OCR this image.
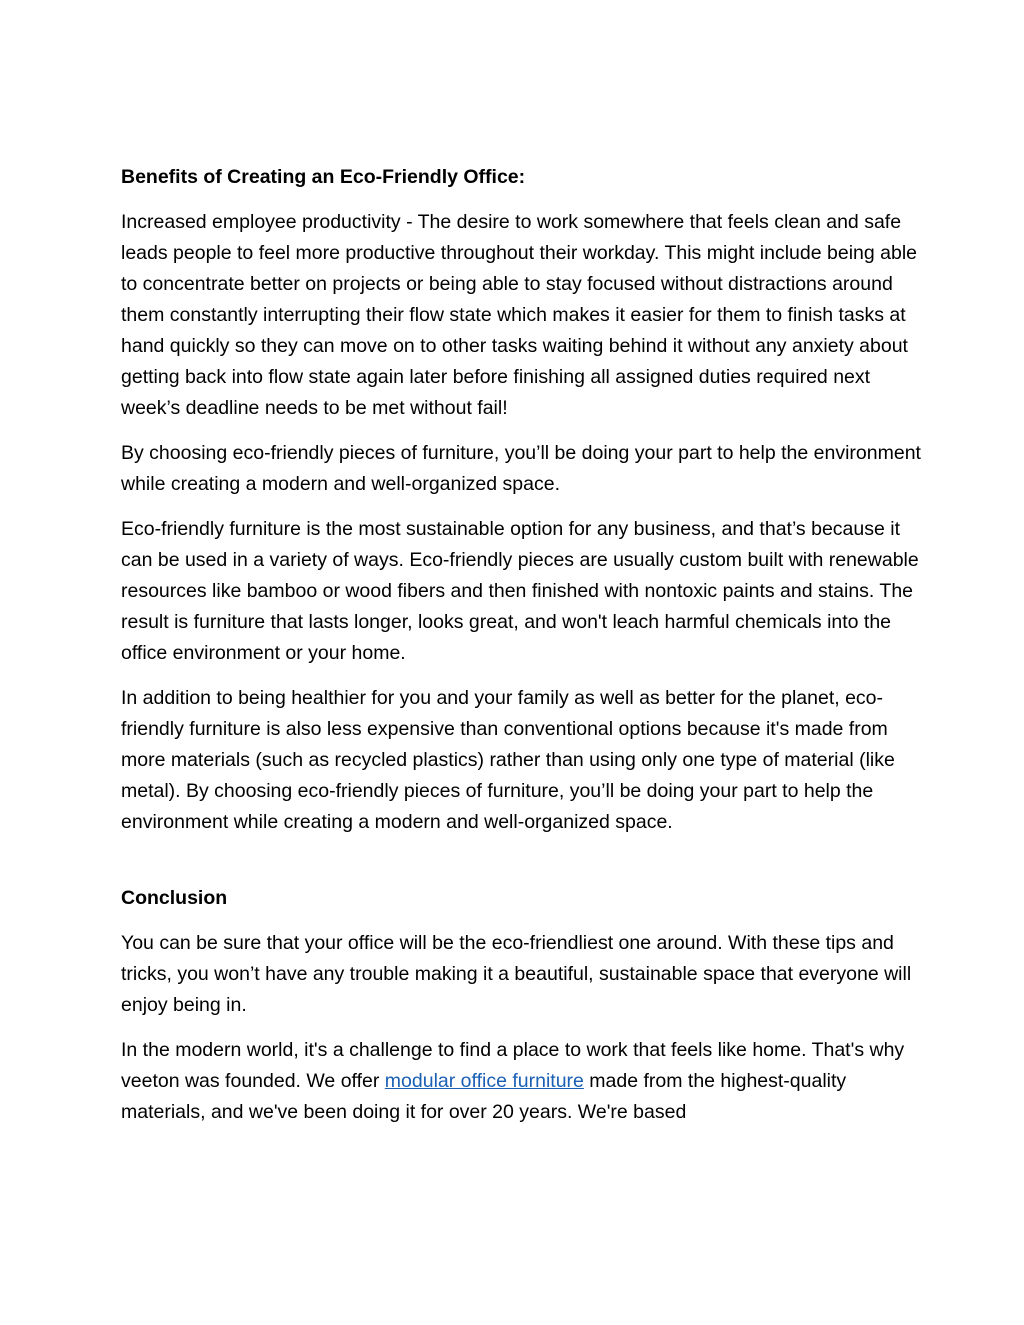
Benefits of Creating an Eco-Friendly Office:
Increased employee productivity - The desire to work somewhere that feels clean and safe leads people to feel more productive throughout their workday. This might include being able to concentrate better on projects or being able to stay focused without distractions around them constantly interrupting their flow state which makes it easier for them to finish tasks at hand quickly so they can move on to other tasks waiting behind it without any anxiety about getting back into flow state again later before finishing all assigned duties required next week’s deadline needs to be met without fail!
By choosing eco-friendly pieces of furniture, you’ll be doing your part to help the environment while creating a modern and well-organized space.
Eco-friendly furniture is the most sustainable option for any business, and that’s because it can be used in a variety of ways. Eco-friendly pieces are usually custom built with renewable resources like bamboo or wood fibers and then finished with nontoxic paints and stains. The result is furniture that lasts longer, looks great, and won't leach harmful chemicals into the office environment or your home.
In addition to being healthier for you and your family as well as better for the planet, eco-friendly furniture is also less expensive than conventional options because it's made from more materials (such as recycled plastics) rather than using only one type of material (like metal). By choosing eco-friendly pieces of furniture, you’ll be doing your part to help the environment while creating a modern and well-organized space.
Conclusion
You can be sure that your office will be the eco-friendliest one around. With these tips and tricks, you won’t have any trouble making it a beautiful, sustainable space that everyone will enjoy being in.
In the modern world, it's a challenge to find a place to work that feels like home. That's why veeton was founded. We offer modular office furniture made from the highest-quality materials, and we've been doing it for over 20 years. We're based
